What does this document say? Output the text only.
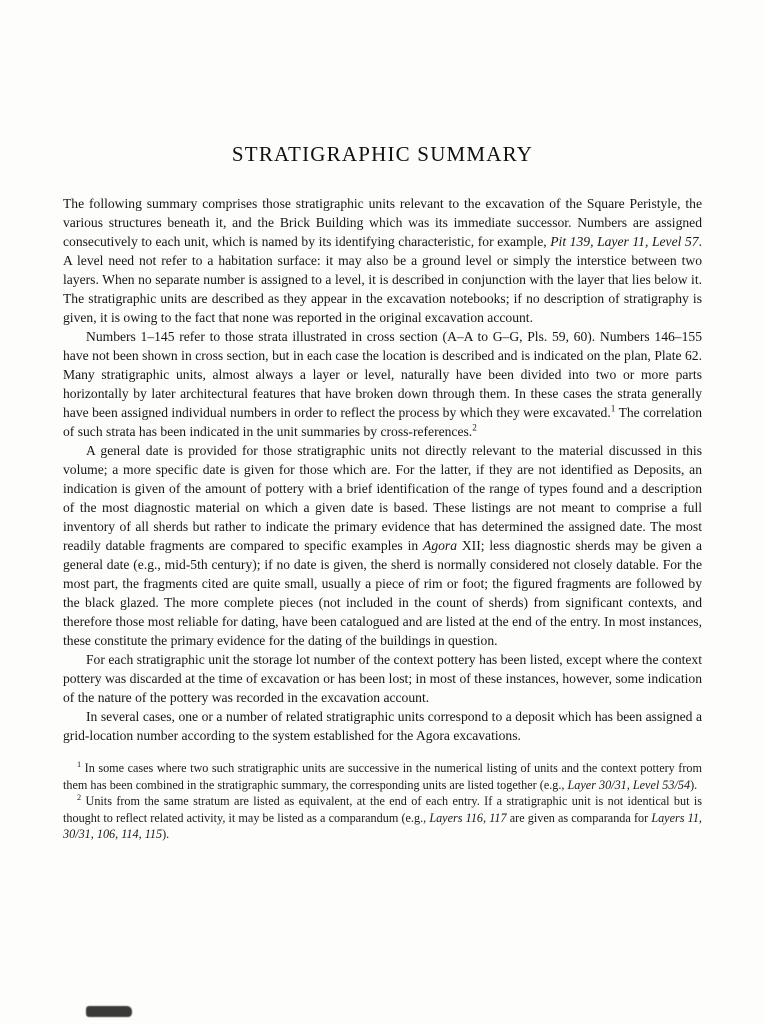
STRATIGRAPHIC SUMMARY

The following summary comprises those stratigraphic units relevant to the excavation of the Square Peristyle, the various structures beneath it, and the Brick Building which was its immediate successor. Numbers are assigned consecutively to each unit, which is named by its identifying characteristic, for example, Pit 139, Layer 11, Level 57. A level need not refer to a habitation surface: it may also be a ground level or simply the interstice between two layers. When no separate number is assigned to a level, it is described in conjunction with the layer that lies below it. The stratigraphic units are described as they appear in the excavation notebooks; if no description of stratigraphy is given, it is owing to the fact that none was reported in the original excavation account.

Numbers 1–145 refer to those strata illustrated in cross section (A–A to G–G, Pls. 59, 60). Numbers 146–155 have not been shown in cross section, but in each case the location is described and is indicated on the plan, Plate 62. Many stratigraphic units, almost always a layer or level, naturally have been divided into two or more parts horizontally by later architectural features that have broken down through them. In these cases the strata generally have been assigned individual numbers in order to reflect the process by which they were excavated.$^1$ The correlation of such strata has been indicated in the unit summaries by cross-references.$^2$

A general date is provided for those stratigraphic units not directly relevant to the material discussed in this volume; a more specific date is given for those which are. For the latter, if they are not identified as Deposits, an indication is given of the amount of pottery with a brief identification of the range of types found and a description of the most diagnostic material on which a given date is based. These listings are not meant to comprise a full inventory of all sherds but rather to indicate the primary evidence that has determined the assigned date. The most readily datable fragments are compared to specific examples in Agora XII; less diagnostic sherds may be given a general date (e.g., mid-5th century); if no date is given, the sherd is normally considered not closely datable. For the most part, the fragments cited are quite small, usually a piece of rim or foot; the figured fragments are followed by the black glazed. The more complete pieces (not included in the count of sherds) from significant contexts, and therefore those most reliable for dating, have been catalogued and are listed at the end of the entry. In most instances, these constitute the primary evidence for the dating of the buildings in question.

For each stratigraphic unit the storage lot number of the context pottery has been listed, except where the context pottery was discarded at the time of excavation or has been lost; in most of these instances, however, some indication of the nature of the pottery was recorded in the excavation account.

In several cases, one or a number of related stratigraphic units correspond to a deposit which has been assigned a grid-location number according to the system established for the Agora excavations.

$^1$ In some cases where two such stratigraphic units are successive in the numerical listing of units and the context pottery from them has been combined in the stratigraphic summary, the corresponding units are listed together (e.g., Layer 30/31, Level 53/54).

$^2$ Units from the same stratum are listed as equivalent, at the end of each entry. If a stratigraphic unit is not identical but is thought to reflect related activity, it may be listed as a comparandum (e.g., Layers 116, 117 are given as comparanda for Layers 11, 30/31, 106, 114, 115).
